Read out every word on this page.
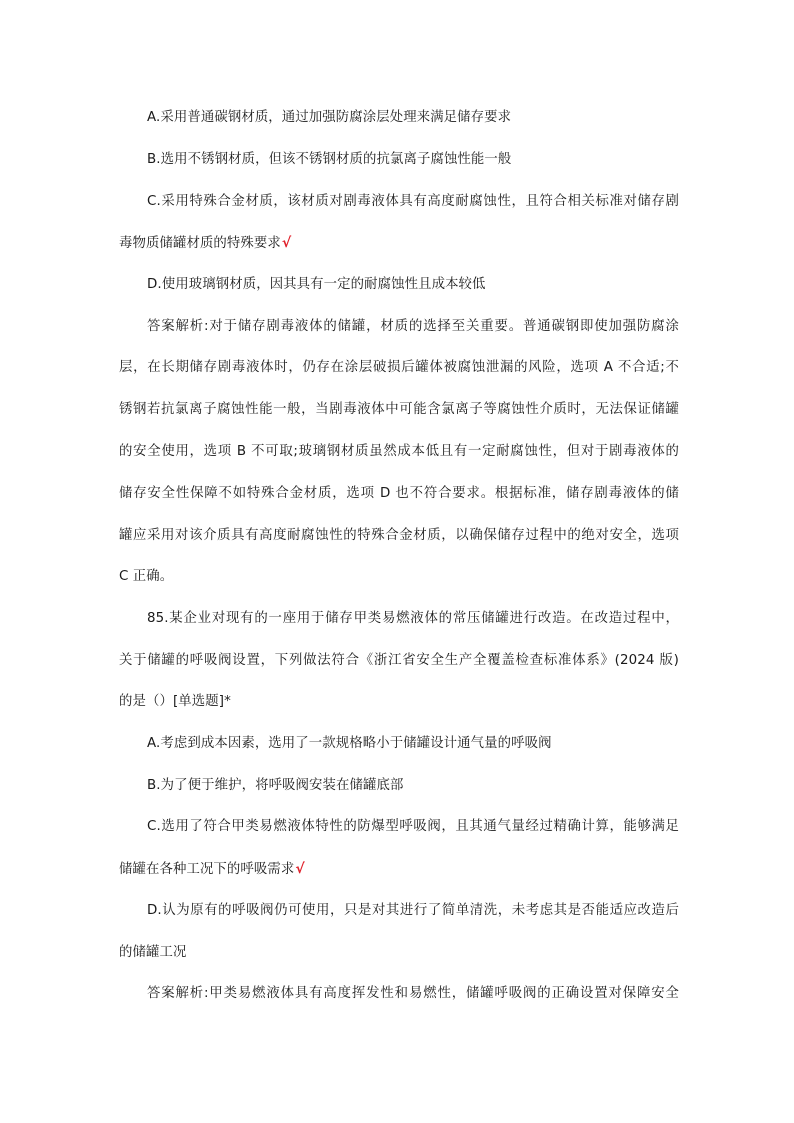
A.采用普通碳钢材质，通过加强防腐涂层处理来满足储存要求
B.选用不锈钢材质，但该不锈钢材质的抗氯离子腐蚀性能一般
C.采用特殊合金材质，该材质对剧毒液体具有高度耐腐蚀性，且符合相关标准对储存剧
毒物质储罐材质的特殊要求√
D.使用玻璃钢材质，因其具有一定的耐腐蚀性且成本较低
答案解析:对于储存剧毒液体的储罐，材质的选择至关重要。普通碳钢即使加强防腐涂
层，在长期储存剧毒液体时，仍存在涂层破损后罐体被腐蚀泄漏的风险，选项 A 不合适;不
锈钢若抗氯离子腐蚀性能一般，当剧毒液体中可能含氯离子等腐蚀性介质时，无法保证储罐
的安全使用，选项 B 不可取;玻璃钢材质虽然成本低且有一定耐腐蚀性，但对于剧毒液体的
储存安全性保障不如特殊合金材质，选项 D 也不符合要求。根据标准，储存剧毒液体的储
罐应采用对该介质具有高度耐腐蚀性的特殊合金材质，以确保储存过程中的绝对安全，选项
C 正确。
85.某企业对现有的一座用于储存甲类易燃液体的常压储罐进行改造。在改造过程中，
关于储罐的呼吸阀设置，下列做法符合《浙江省安全生产全覆盖检查标准体系》(2024 版)
的是（）[单选题]*
A.考虑到成本因素，选用了一款规格略小于储罐设计通气量的呼吸阀
B.为了便于维护，将呼吸阀安装在储罐底部
C.选用了符合甲类易燃液体特性的防爆型呼吸阀，且其通气量经过精确计算，能够满足
储罐在各种工况下的呼吸需求√
D.认为原有的呼吸阀仍可使用，只是对其进行了简单清洗，未考虑其是否能适应改造后
的储罐工况
答案解析:甲类易燃液体具有高度挥发性和易燃性，储罐呼吸阀的正确设置对保障安全
